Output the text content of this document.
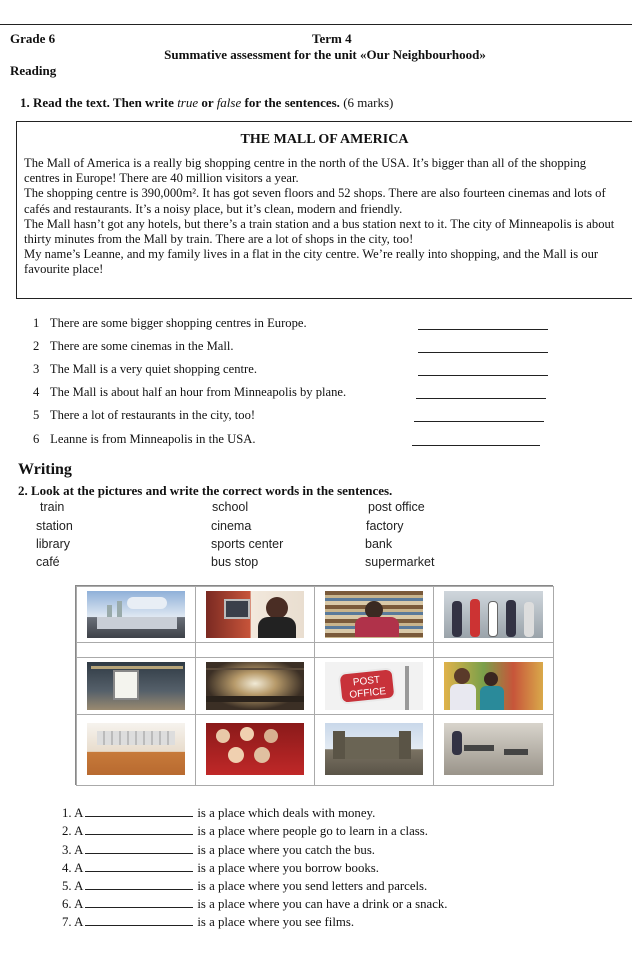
Grade 6	Term 4
Summative assessment for the unit «Our Neighbourhood»
Reading
1. Read the text. Then write true or false for the sentences. (6 marks)
THE MALL OF AMERICA
The Mall of America is a really big shopping centre in the north of the USA. It’s bigger than all of the shopping centres in Europe! There are 40 million visitors a year.
The shopping centre is 390,000m². It has got seven floors and 52 shops. There are also fourteen cinemas and lots of cafés and restaurants. It’s a noisy place, but it’s clean, modern and friendly.
The Mall hasn’t got any hotels, but there’s a train station and a bus station next to it. The city of Minneapolis is about thirty minutes from the Mall by train. There are a lot of shops in the city, too!
My name’s Leanne, and my family lives in a flat in the city centre. We’re really into shopping, and the Mall is our favourite place!
1 There are some bigger shopping centres in Europe.
2 There are some cinemas in the Mall.
3 The Mall is a very quiet shopping centre.
4 The Mall is about half an hour from Minneapolis by plane.
5 There a lot of restaurants in the city, too!
6 Leanne is from Minneapolis in the USA.
Writing
2. Look at the pictures and write the correct words in the sentences.
train	school	post office
station	cinema	factory
library	sports center	bank
café	bus stop	supermarket
POST
OFFICE
1. A	is a place which deals with money.
2. A	is a place where people go to learn in a class.
3. A	is a place where you catch the bus.
4. A	is a place where you borrow books.
5. A	is a place where you send letters and parcels.
6. A	is a place where you can have a drink or a snack.
7. A	is a place where you see films.
